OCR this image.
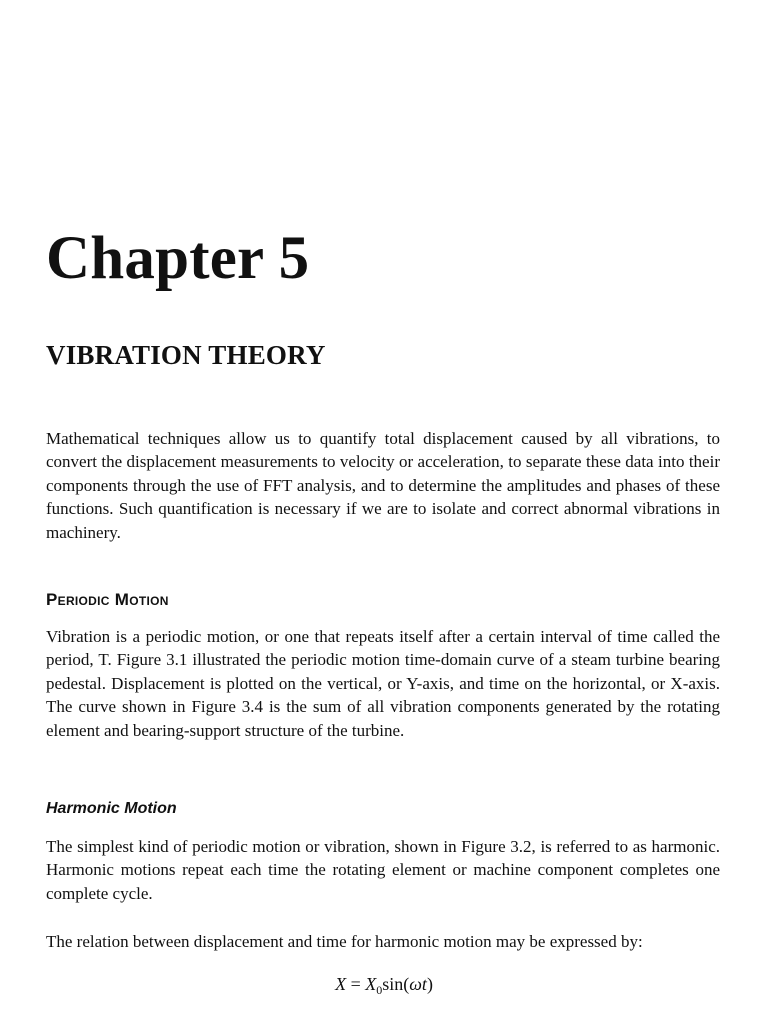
Chapter 5
VIBRATION THEORY

Mathematical techniques allow us to quantify total displacement caused by all vibrations, to convert the displacement measurements to velocity or acceleration, to separate these data into their components through the use of FFT analysis, and to determine the amplitudes and phases of these functions. Such quantification is necessary if we are to isolate and correct abnormal vibrations in machinery.

Periodic Motion

Vibration is a periodic motion, or one that repeats itself after a certain interval of time called the period, T. Figure 3.1 illustrated the periodic motion time-domain curve of a steam turbine bearing pedestal. Displacement is plotted on the vertical, or Y-axis, and time on the horizontal, or X-axis. The curve shown in Figure 3.4 is the sum of all vibration components generated by the rotating element and bearing-support structure of the turbine.

Harmonic Motion

The simplest kind of periodic motion or vibration, shown in Figure 3.2, is referred to as harmonic. Harmonic motions repeat each time the rotating element or machine component completes one complete cycle.

The relation between displacement and time for harmonic motion may be expressed by:

$X = X_0\sin(\omega t)$
